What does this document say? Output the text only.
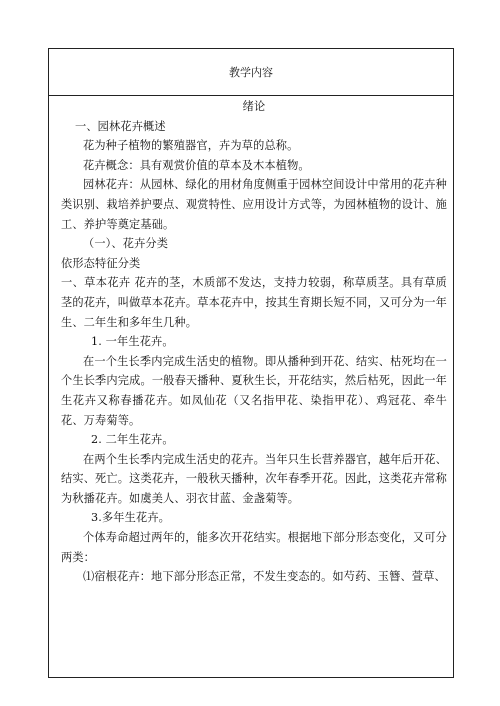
教学内容

绪论

一、园林花卉概述

花为种子植物的繁殖器官，卉为草的总称。

花卉概念：具有观赏价值的草本及木本植物。

园林花卉：从园林、绿化的用材角度侧重于园林空间设计中常用的花卉种类识别、栽培养护要点、观赏特性、应用设计方式等，为园林植物的设计、施工、养护等奠定基础。

（一）、花卉分类

依形态特征分类

一、草本花卉 花卉的茎，木质部不发达，支持力较弱，称草质茎。具有草质茎的花卉，叫做草本花卉。草本花卉中，按其生育期长短不同，又可分为一年生、二年生和多年生几种。

1. 一年生花卉。

在一个生长季内完成生活史的植物。即从播种到开花、结实、枯死均在一个生长季内完成。一般春天播种、夏秋生长，开花结实，然后枯死，因此一年生花卉又称春播花卉。如凤仙花（又名指甲花、染指甲花）、鸡冠花、牵牛花、万寿菊等。

2. 二年生花卉。

在两个生长季内完成生活史的花卉。当年只生长营养器官，越年后开花、结实、死亡。这类花卉，一般秋天播种，次年春季开花。因此，这类花卉常称为秋播花卉。如虞美人、羽衣甘蓝、金盏菊等。

3.多年生花卉。

个体寿命超过两年的，能多次开花结实。根据地下部分形态变化，又可分两类：

⑴宿根花卉：地下部分形态正常，不发生变态的。如芍药、玉簪、萱草、
